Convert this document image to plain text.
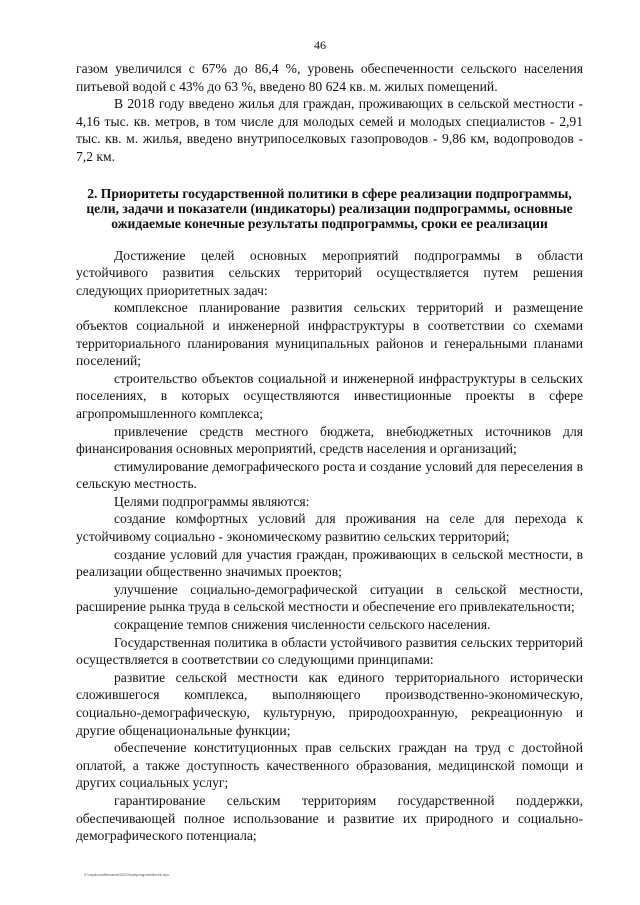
46

газом увеличился с 67% до 86,4 %, уровень обеспеченности сельского населения питьевой водой с 43% до 63 %, введено 80 624 кв. м. жилых помещений.

В 2018 году введено жилья для граждан, проживающих в сельской местности - 4,16 тыс. кв. метров, в том числе для молодых семей и молодых специалистов - 2,91 тыс. кв. м. жилья, введено внутрипоселковых газопроводов - 9,86 км, водопроводов - 7,2 км.

2. Приоритеты государственной политики в сфере реализации подпрограммы, цели, задачи и показатели (индикаторы) реализации подпрограммы, основные ожидаемые конечные результаты подпрограммы, сроки ее реализации

Достижение целей основных мероприятий подпрограммы в области устойчивого развития сельских территорий осуществляется путем решения следующих приоритетных задач:

комплексное планирование развития сельских территорий и размещение объектов социальной и инженерной инфраструктуры в соответствии со схемами территориального планирования муниципальных районов и генеральными планами поселений;

строительство объектов социальной и инженерной инфраструктуры в сельских поселениях, в которых осуществляются инвестиционные проекты в сфере агропромышленного комплекса;

привлечение средств местного бюджета, внебюджетных источников для финансирования основных мероприятий, средств населения и организаций;

стимулирование демографического роста и создание условий для переселения в сельскую местность.

Целями подпрограммы являются:

создание комфортных условий для проживания на селе для перехода к устойчивому социально - экономическому развитию сельских территорий;

создание условий для участия граждан, проживающих в сельской местности, в реализации общественно значимых проектов;

улучшение социально-демографической ситуации в сельской местности, расширение рынка труда в сельской местности и обеспечение его привлекательности;

сокращение темпов снижения численности сельского населения.

Государственная политика в области устойчивого развития сельских территорий осуществляется в соответствии со следующими принципами:

развитие сельской местности как единого территориального исторически сложившегося комплекса, выполняющего производственно-экономическую, социально-демографическую, культурную, природоохранную, рекреационную и другие общенациональные функции;

обеспечение конституционных прав сельских граждан на труд с достойной оплатой, а также доступность качественного образования, медицинской помощи и других социальных услуг;

гарантирование сельским территориям государственной поддержки, обеспечивающей полное использование и развитие их природного и социально-демографического потенциала;

Z:\mydocs\filename\2020\subprogram\file46.doc
